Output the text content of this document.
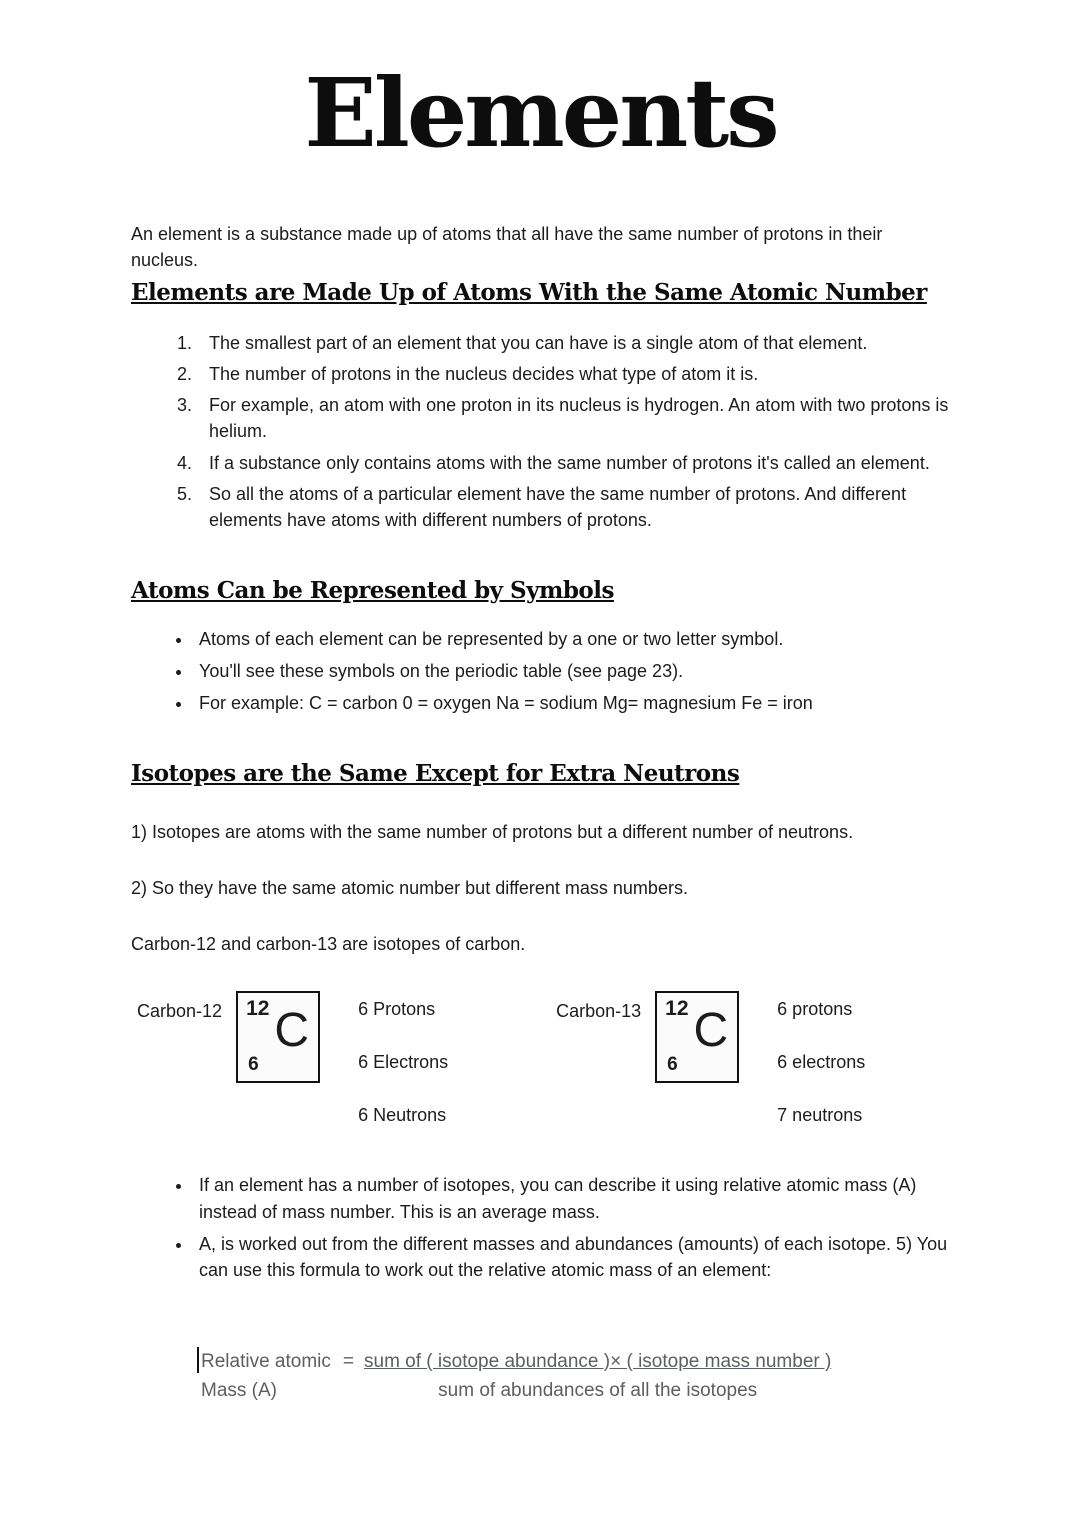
Elements

An element is a substance made up of atoms that all have the same number of protons in their nucleus.

Elements are Made Up of Atoms With the Same Atomic Number
1. The smallest part of an element that you can have is a single atom of that element.
2. The number of protons in the nucleus decides what type of atom it is.
3. For example, an atom with one proton in its nucleus is hydrogen. An atom with two protons is helium.
4. If a substance only contains atoms with the same number of protons it's called an element.
5. So all the atoms of a particular element have the same number of protons. And different elements have atoms with different numbers of protons.
Atoms Can be Represented by Symbols
• Atoms of each element can be represented by a one or two letter symbol.
• You'll see these symbols on the periodic table (see page 23).
• For example: C = carbon 0 = oxygen Na = sodium Mg= magnesium Fe = iron
Isotopes are the Same Except for Extra Neutrons

1) Isotopes are atoms with the same number of protons but a different number of neutrons.

2) So they have the same atomic number but different mass numbers.

Carbon-12 and carbon-13 are isotopes of carbon.

Carbon-12 12 C
6
6 Protons
6 Electrons
6 Neutrons
Carbon-13 12 C
6
6 protons
6 electrons
7 neutrons
• If an element has a number of isotopes, you can describe it using relative atomic mass (A) instead of mass number. This is an average mass.
• A, is worked out from the different masses and abundances (amounts) of each isotope. 5) You can use this formula to work out the relative atomic mass of an element:
Relative atomic
Mass (A)
= $\frac{\text{sum of ( isotope abundance )× ( isotope mass number )}}{\text{sum of abundances of all the isotopes}}$
